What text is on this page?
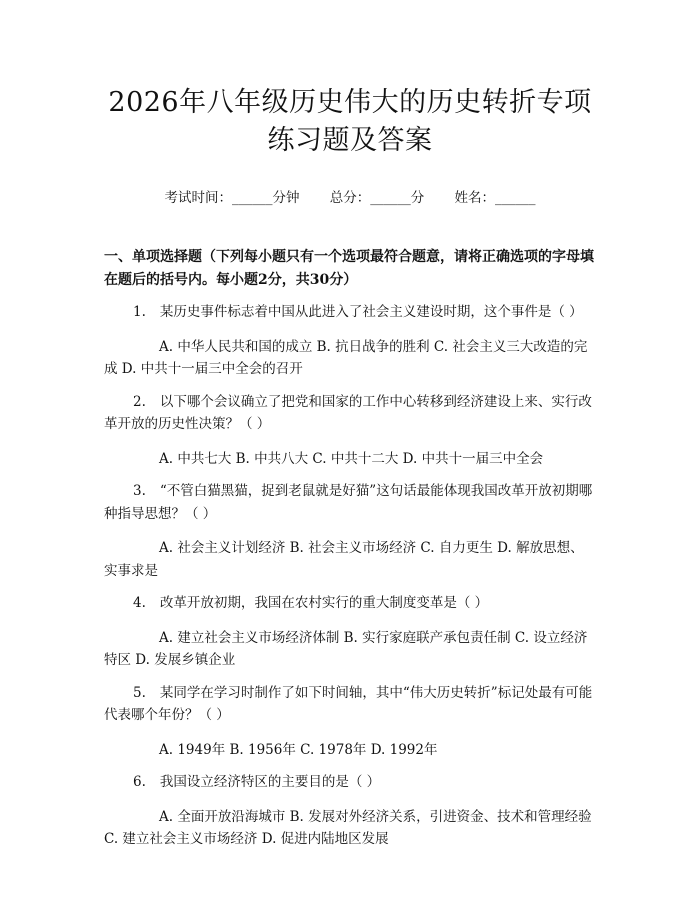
2026年八年级历史伟大的历史转折专项练习题及答案
考试时间：______分钟 总分：______分 姓名：______
一、单项选择题（下列每小题只有一个选项最符合题意，请将正确选项的字母填在题后的括号内。每小题2分，共30分）
1. 某历史事件标志着中国从此进入了社会主义建设时期，这个事件是（ ）
A. 中华人民共和国的成立 B. 抗日战争的胜利 C. 社会主义三大改造的完成 D. 中共十一届三中全会的召开
2. 以下哪个会议确立了把党和国家的工作中心转移到经济建设上来、实行改革开放的历史性决策？（ ）
A. 中共七大 B. 中共八大 C. 中共十二大 D. 中共十一届三中全会
3. “不管白猫黑猫，捉到老鼠就是好猫”这句话最能体现我国改革开放初期哪种指导思想？（ ）
A. 社会主义计划经济 B. 社会主义市场经济 C. 自力更生 D. 解放思想、实事求是
4. 改革开放初期，我国在农村实行的重大制度变革是（ ）
A. 建立社会主义市场经济体制 B. 实行家庭联产承包责任制 C. 设立经济特区 D. 发展乡镇企业
5. 某同学在学习时制作了如下时间轴，其中“伟大历史转折”标记处最有可能代表哪个年份？（ ）
A. 1949年 B. 1956年 C. 1978年 D. 1992年
6. 我国设立经济特区的主要目的是（ ）
A. 全面开放沿海城市 B. 发展对外经济关系，引进资金、技术和管理经验 C. 建立社会主义市场经济 D. 促进内陆地区发展
